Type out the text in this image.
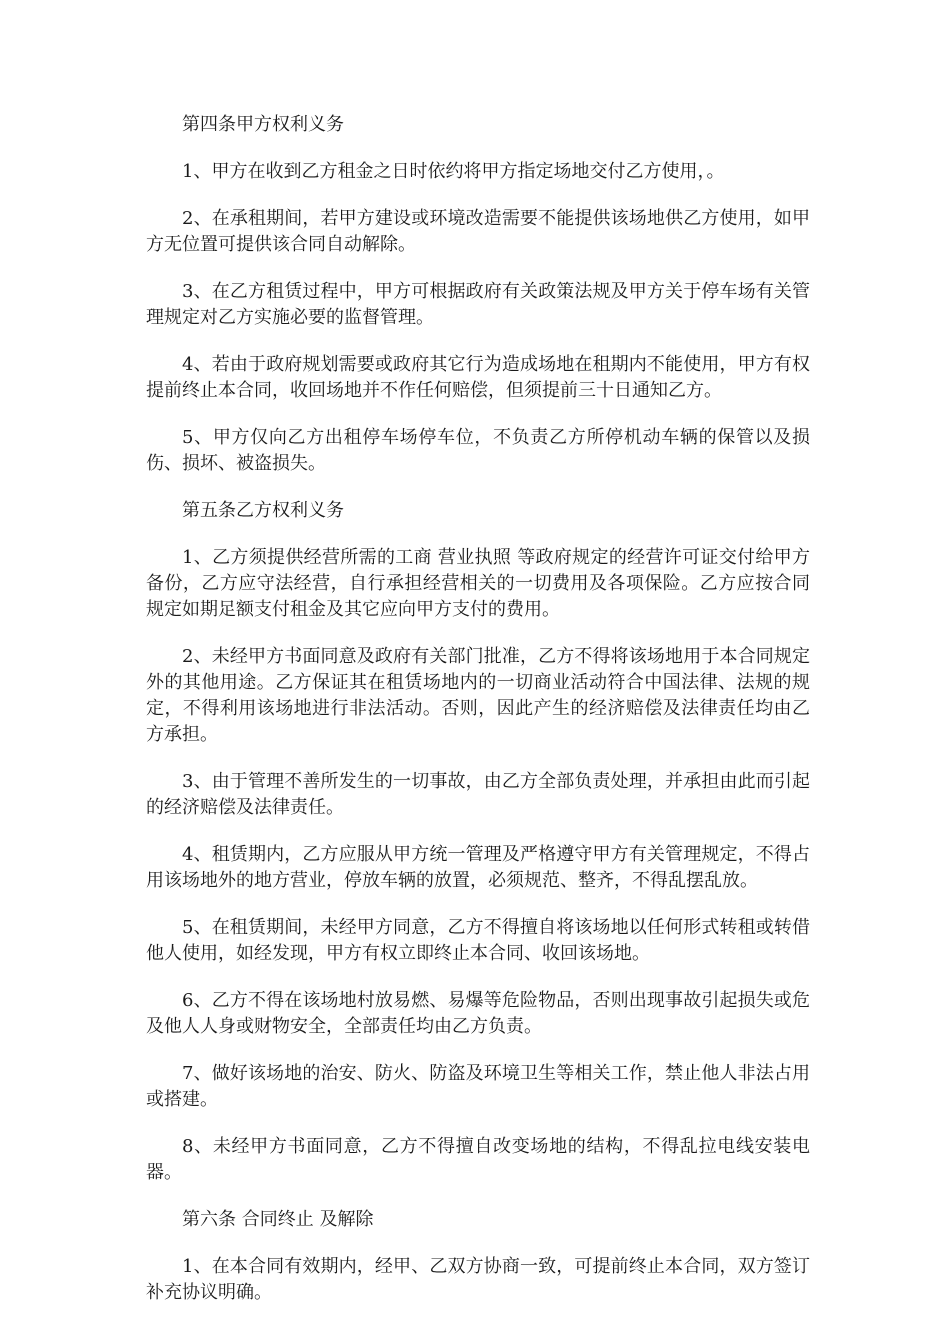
第四条甲方权利义务

1、甲方在收到乙方租金之日时依约将甲方指定场地交付乙方使用，。

2、在承租期间，若甲方建设或环境改造需要不能提供该场地供乙方使用，如甲方无位置可提供该合同自动解除。

3、在乙方租赁过程中，甲方可根据政府有关政策法规及甲方关于停车场有关管理规定对乙方实施必要的监督管理。

4、若由于政府规划需要或政府其它行为造成场地在租期内不能使用，甲方有权提前终止本合同，收回场地并不作任何赔偿，但须提前三十日通知乙方。

5、甲方仅向乙方出租停车场停车位，不负责乙方所停机动车辆的保管以及损伤、损坏、被盗损失。

第五条乙方权利义务

1、乙方须提供经营所需的工商 营业执照 等政府规定的经营许可证交付给甲方备份，乙方应守法经营，自行承担经营相关的一切费用及各项保险。乙方应按合同规定如期足额支付租金及其它应向甲方支付的费用。

2、未经甲方书面同意及政府有关部门批准，乙方不得将该场地用于本合同规定外的其他用途。乙方保证其在租赁场地内的一切商业活动符合中国法律、法规的规定，不得利用该场地进行非法活动。否则，因此产生的经济赔偿及法律责任均由乙方承担。

3、由于管理不善所发生的一切事故，由乙方全部负责处理，并承担由此而引起的经济赔偿及法律责任。

4、租赁期内，乙方应服从甲方统一管理及严格遵守甲方有关管理规定，不得占用该场地外的地方营业，停放车辆的放置，必须规范、整齐，不得乱摆乱放。

5、在租赁期间，未经甲方同意，乙方不得擅自将该场地以任何形式转租或转借他人使用，如经发现，甲方有权立即终止本合同、收回该场地。

6、乙方不得在该场地村放易燃、易爆等危险物品，否则出现事故引起损失或危及他人人身或财物安全，全部责任均由乙方负责。

7、做好该场地的治安、防火、防盗及环境卫生等相关工作，禁止他人非法占用或搭建。

8、未经甲方书面同意，乙方不得擅自改变场地的结构，不得乱拉电线安装电器。

第六条 合同终止 及解除

1、在本合同有效期内，经甲、乙双方协商一致，可提前终止本合同，双方签订补充协议明确。
